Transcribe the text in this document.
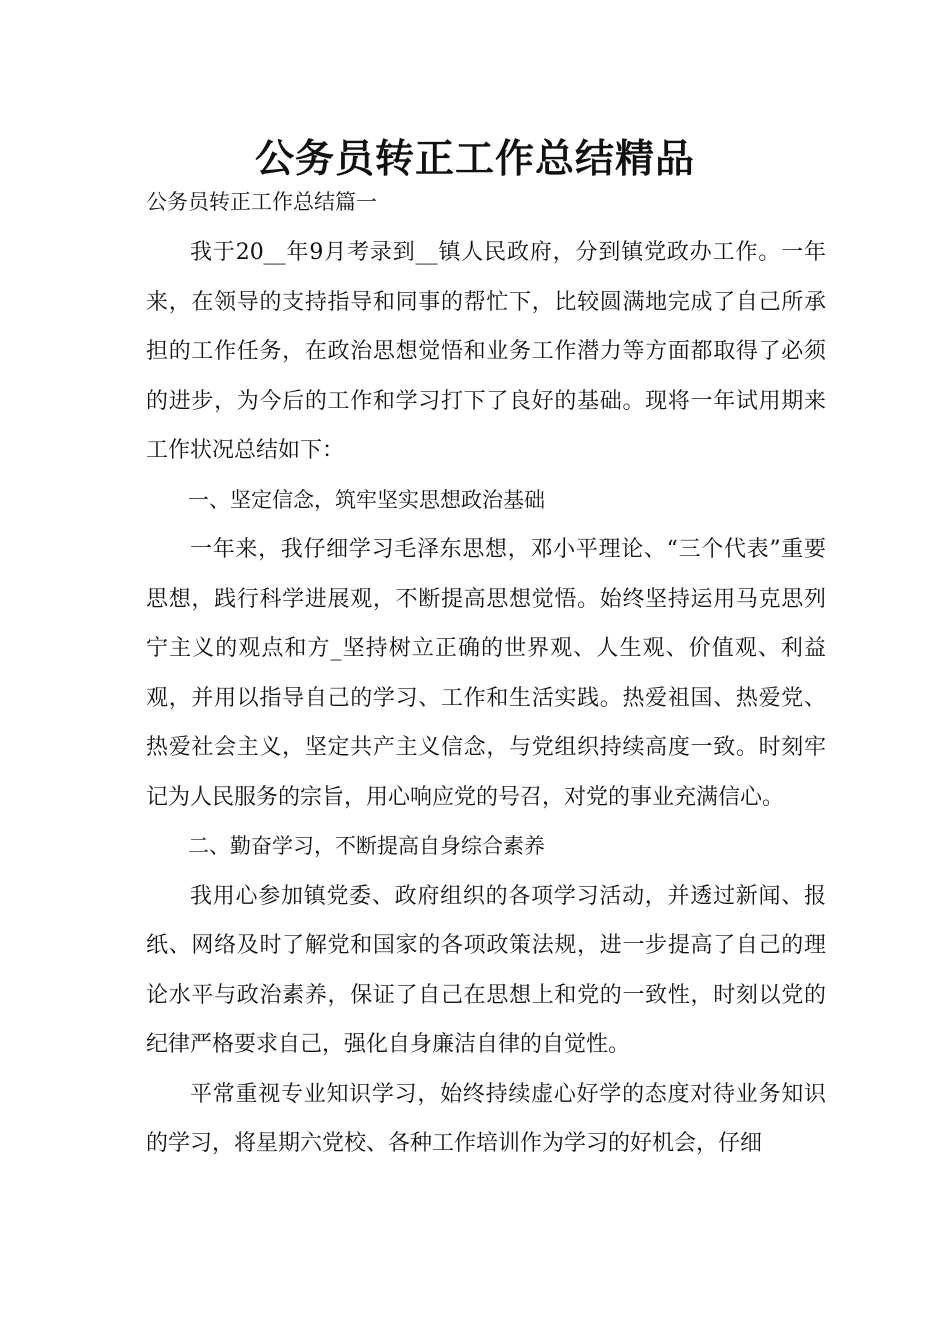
公务员转正工作总结精品
公务员转正工作总结篇一

我于20__年9月考录到__镇人民政府，分到镇党政办工作。一年来，在领导的支持指导和同事的帮忙下，比较圆满地完成了自己所承担的工作任务，在政治思想觉悟和业务工作潜力等方面都取得了必须的进步，为今后的工作和学习打下了良好的基础。现将一年试用期来工作状况总结如下：

一、坚定信念，筑牢坚实思想政治基础

一年来，我仔细学习毛泽东思想，邓小平理论、“三个代表”重要思想，践行科学进展观，不断提高思想觉悟。始终坚持运用马克思列宁主义的观点和方_坚持树立正确的世界观、人生观、价值观、利益观，并用以指导自己的学习、工作和生活实践。热爱祖国、热爱党、热爱社会主义，坚定共产主义信念，与党组织持续高度一致。时刻牢记为人民服务的宗旨，用心响应党的号召，对党的事业充满信心。

二、勤奋学习，不断提高自身综合素养

我用心参加镇党委、政府组织的各项学习活动，并透过新闻、报纸、网络及时了解党和国家的各项政策法规，进一步提高了自己的理论水平与政治素养，保证了自己在思想上和党的一致性，时刻以党的纪律严格要求自己，强化自身廉洁自律的自觉性。

平常重视专业知识学习，始终持续虚心好学的态度对待业务知识的学习，将星期六党校、各种工作培训作为学习的好机会，仔细
